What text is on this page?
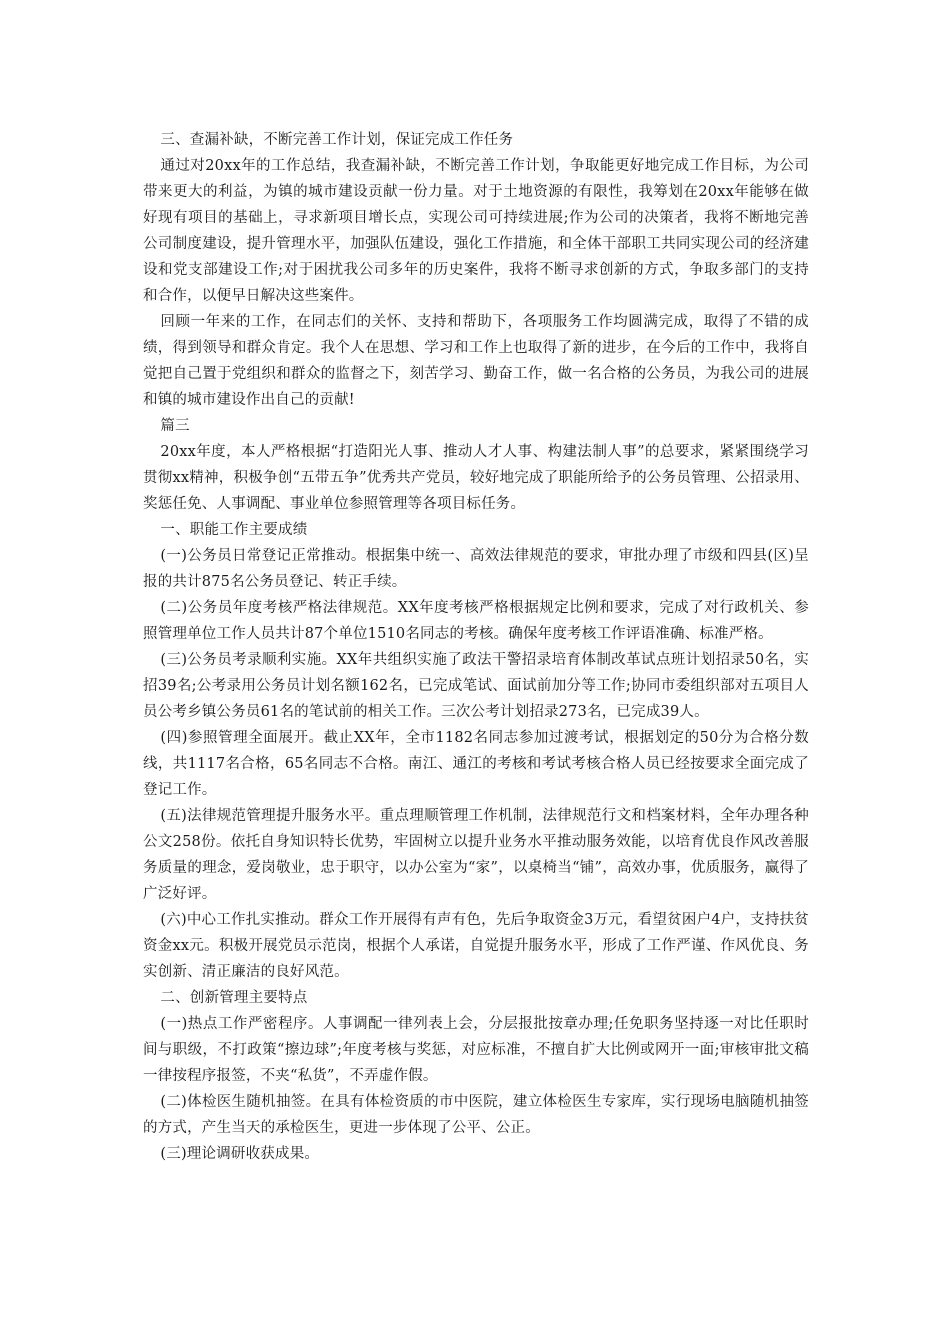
三、查漏补缺，不断完善工作计划，保证完成工作任务

通过对20xx年的工作总结，我查漏补缺，不断完善工作计划，争取能更好地完成工作目标，为公司带来更大的利益，为镇的城市建设贡献一份力量。对于土地资源的有限性，我筹划在20xx年能够在做好现有项目的基础上，寻求新项目增长点，实现公司可持续进展;作为公司的决策者，我将不断地完善公司制度建设，提升管理水平，加强队伍建设，强化工作措施，和全体干部职工共同实现公司的经济建设和党支部建设工作;对于困扰我公司多年的历史案件，我将不断寻求创新的方式，争取多部门的支持和合作，以便早日解决这些案件。

回顾一年来的工作，在同志们的关怀、支持和帮助下，各项服务工作均圆满完成，取得了不错的成绩，得到领导和群众肯定。我个人在思想、学习和工作上也取得了新的进步，在今后的工作中，我将自觉把自己置于党组织和群众的监督之下，刻苦学习、勤奋工作，做一名合格的公务员，为我公司的进展和镇的城市建设作出自己的贡献!

篇三

20xx年度，本人严格根据“打造阳光人事、推动人才人事、构建法制人事”的总要求，紧紧围绕学习贯彻xx精神，积极争创“五带五争”优秀共产党员，较好地完成了职能所给予的公务员管理、公招录用、奖惩任免、人事调配、事业单位参照管理等各项目标任务。

一、职能工作主要成绩

(一)公务员日常登记正常推动。根据集中统一、高效法律规范的要求，审批办理了市级和四县(区)呈报的共计875名公务员登记、转正手续。

(二)公务员年度考核严格法律规范。XX年度考核严格根据规定比例和要求，完成了对行政机关、参照管理单位工作人员共计87个单位1510名同志的考核。确保年度考核工作评语准确、标准严格。

(三)公务员考录顺利实施。XX年共组织实施了政法干警招录培育体制改革试点班计划招录50名，实招39名;公考录用公务员计划名额162名，已完成笔试、面试前加分等工作;协同市委组织部对五项目人员公考乡镇公务员61名的笔试前的相关工作。三次公考计划招录273名，已完成39人。

(四)参照管理全面展开。截止XX年，全市1182名同志参加过渡考试，根据划定的50分为合格分数线，共1117名合格，65名同志不合格。南江、通江的考核和考试考核合格人员已经按要求全面完成了登记工作。

(五)法律规范管理提升服务水平。重点理顺管理工作机制，法律规范行文和档案材料，全年办理各种公文258份。依托自身知识特长优势，牢固树立以提升业务水平推动服务效能，以培育优良作风改善服务质量的理念，爱岗敬业，忠于职守，以办公室为“家”，以桌椅当“铺”，高效办事，优质服务，赢得了广泛好评。

(六)中心工作扎实推动。群众工作开展得有声有色，先后争取资金3万元，看望贫困户4户，支持扶贫资金xx元。积极开展党员示范岗，根据个人承诺，自觉提升服务水平，形成了工作严谨、作风优良、务实创新、清正廉洁的良好风范。

二、创新管理主要特点

(一)热点工作严密程序。人事调配一律列表上会，分层报批按章办理;任免职务坚持逐一对比任职时间与职级，不打政策“擦边球”;年度考核与奖惩，对应标准，不擅自扩大比例或网开一面;审核审批文稿一律按程序报签，不夹“私货”，不弄虚作假。

(二)体检医生随机抽签。在具有体检资质的市中医院，建立体检医生专家库，实行现场电脑随机抽签的方式，产生当天的承检医生，更进一步体现了公平、公正。

(三)理论调研收获成果。
